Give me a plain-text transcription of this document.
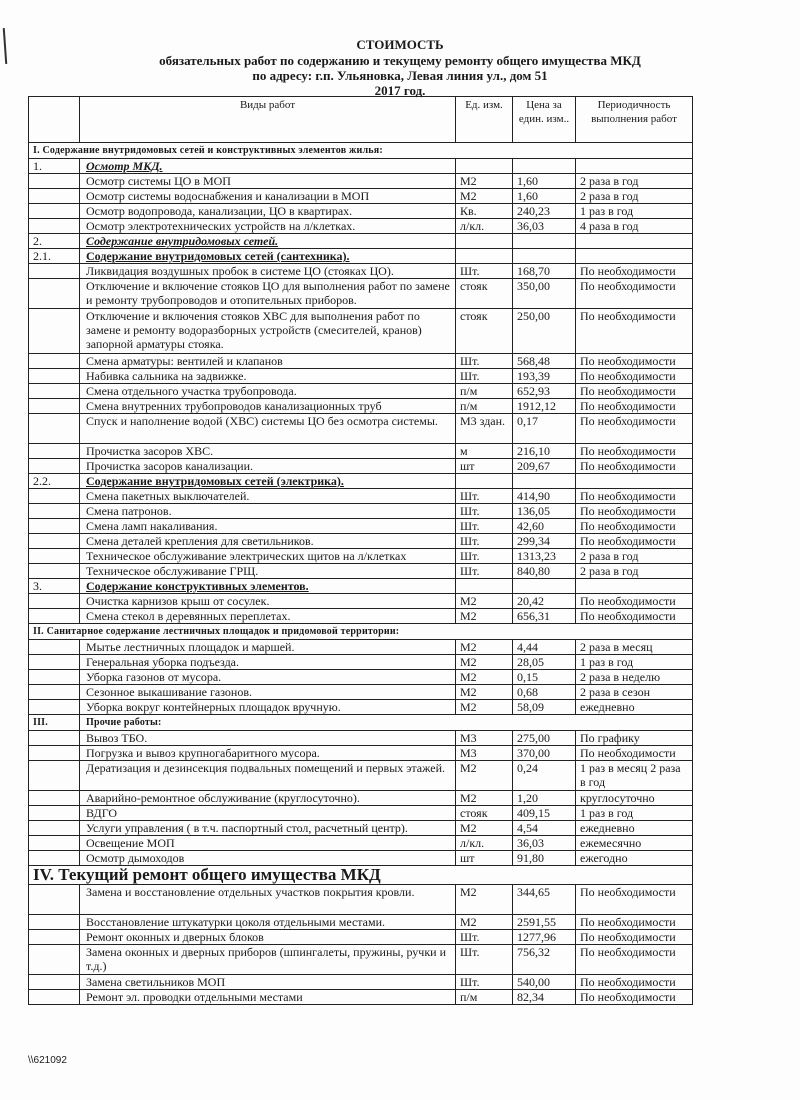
СТОИМОСТЬ
обязательных работ по содержанию и текущему ремонту общего имущества МКД
по адресу: г.п. Ульяновка, Левая линия ул., дом 51
2017 год.
	Виды работ	Ед. изм.	Цена за един. изм..	Периодичность выполнения работ
I. Содержание внутридомовых сетей и конструктивных элементов жилья:				
1.	Осмотр МКД.			
	Осмотр системы ЦО в МОП	М2	1,60	2 раза в год
	Осмотр системы водоснабжения и канализации в МОП	М2	1,60	2 раза в год
	Осмотр водопровода, канализации, ЦО в квартирах.	Кв.	240,23	1 раз в год
	Осмотр электротехнических устройств на л/клетках.	л/кл.	36,03	4 раза в год
2.	Содержание внутридомовых сетей.			
2.1.	Содержание внутридомовых сетей (сантехника).			
	Ликвидация воздушных пробок в системе ЦО (стояках ЦО).	Шт.	168,70	По необходимости
	Отключение и включение стояков ЦО для выполнения работ по замене и ремонту трубопроводов и отопительных приборов.	стояк	350,00	По необходимости
	Отключение и включения стояков ХВС для выполнения работ по замене и ремонту водоразборных устройств (смесителей, кранов) запорной арматуры стояка.	стояк	250,00	По необходимости
	Смена арматуры: вентилей и клапанов	Шт.	568,48	По необходимости
	Набивка сальника на задвижке.	Шт.	193,39	По необходимости
	Смена отдельного участка трубопровода.	п/м	652,93	По необходимости
	Смена внутренних трубопроводов канализационных труб	п/м	1912,12	По необходимости
	Спуск и наполнение водой (ХВС) системы ЦО без осмотра системы.	М3 здан.	0,17	По необходимости
	Прочистка засоров ХВС.	м	216,10	По необходимости
	Прочистка засоров канализации.	шт	209,67	По необходимости
2.2.	Содержание внутридомовых сетей (электрика).			
	Смена пакетных выключателей.	Шт.	414,90	По необходимости
	Смена патронов.	Шт.	136,05	По необходимости
	Смена ламп накаливания.	Шт.	42,60	По необходимости
	Смена деталей крепления для светильников.	Шт.	299,34	По необходимости
	Техническое обслуживание электрических щитов на л/клетках	Шт.	1313,23	2 раза в год
	Техническое обслуживание ГРЩ.	Шт.	840,80	2 раза в год
3.	Содержание конструктивных элементов.			
	Очистка карнизов крыш от сосулек.	М2	20,42	По необходимости
	Смена стекол в деревянных переплетах.	М2	656,31	По необходимости
II. Санитарное содержание лестничных площадок и придомовой территории:				
	Мытье лестничных площадок и маршей.	М2	4,44	2 раза в месяц
	Генеральная уборка подъезда.	М2	28,05	1 раз в год
	Уборка газонов от мусора.	М2	0,15	2 раза в неделю
	Сезонное выкашивание газонов.	М2	0,68	2 раза в сезон
	Уборка вокруг контейнерных площадок вручную.	М2	58,09	ежедневно
III.	Прочие работы:			
	Вывоз ТБО.	М3	275,00	По графику
	Погрузка и вывоз крупногабаритного мусора.	М3	370,00	По необходимости
	Дератизация и дезинсекция подвальных помещений и первых этажей.	М2	0,24	1 раз в месяц 2 раза в год
	Аварийно-ремонтное обслуживание (круглосуточно).	М2	1,20	круглосуточно
	ВДГО	стояк	409,15	1 раз в год
	Услуги управления ( в т.ч. паспортный стол, расчетный центр).	М2	4,54	ежедневно
	Освещение МОП	л/кл.	36,03	ежемесячно
	Осмотр дымоходов	шт	91,80	ежегодно
IV. Текущий ремонт общего имущества МКД				
	Замена и восстановление отдельных участков покрытия кровли.	М2	344,65	По необходимости
	Восстановление штукатурки цоколя отдельными местами.	М2	2591,55	По необходимости
	Ремонт оконных и дверных блоков	Шт.	1277,96	По необходимости
	Замена оконных и дверных приборов (шпингалеты, пружины, ручки и т.д.)	Шт.	756,32	По необходимости
	Замена светильников МОП	Шт.	540,00	По необходимости
	Ремонт эл. проводки отдельными местами	п/м	82,34	По необходимости
\\621092
